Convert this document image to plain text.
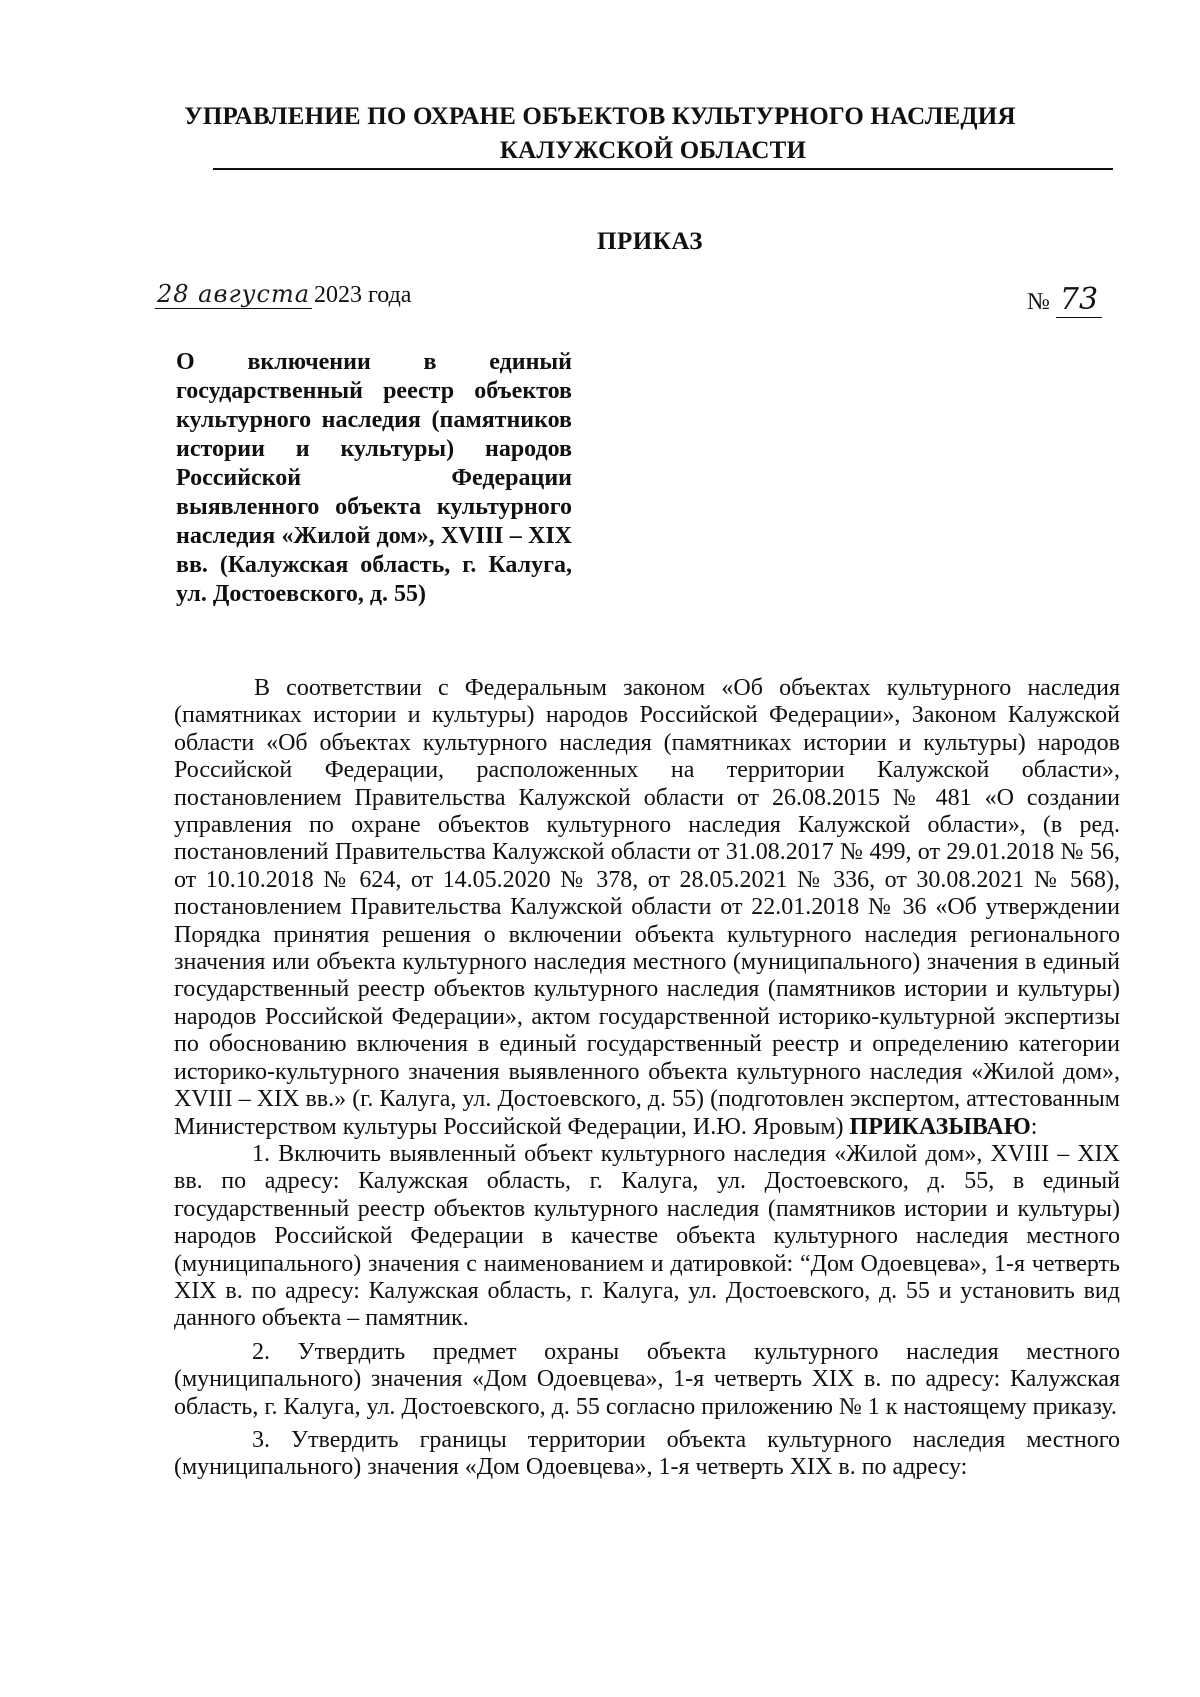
УПРАВЛЕНИЕ ПО ОХРАНЕ ОБЪЕКТОВ КУЛЬТУРНОГО НАСЛЕДИЯ
КАЛУЖСКОЙ ОБЛАСТИ
ПРИКАЗ
28 августа 2023 года	№ 73
О включении в единый государственный реестр объектов культурного наследия (памятников истории и культуры) народов Российской Федерации выявленного объекта культурного наследия «Жилой дом», XVIII – XIX вв. (Калужская область, г. Калуга, ул. Достоевского, д. 55)

В соответствии с Федеральным законом «Об объектах культурного наследия (памятниках истории и культуры) народов Российской Федерации», Законом Калужской области «Об объектах культурного наследия (памятниках истории и культуры) народов Российской Федерации, расположенных на территории Калужской области», постановлением Правительства Калужской области от 26.08.2015 № 481 «О создании управления по охране объектов культурного наследия Калужской области», (в ред. постановлений Правительства Калужской области от 31.08.2017 № 499, от 29.01.2018 № 56, от 10.10.2018 № 624, от 14.05.2020 № 378, от 28.05.2021 № 336, от 30.08.2021 № 568), постановлением Правительства Калужской области от 22.01.2018 № 36 «Об утверждении Порядка принятия решения о включении объекта культурного наследия регионального значения или объекта культурного наследия местного (муниципального) значения в единый государственный реестр объектов культурного наследия (памятников истории и культуры) народов Российской Федерации», актом государственной историко-культурной экспертизы по обоснованию включения в единый государственный реестр и определению категории историко-культурного значения выявленного объекта культурного наследия «Жилой дом», XVIII – XIX вв.» (г. Калуга, ул. Достоевского, д. 55) (подготовлен экспертом, аттестованным Министерством культуры Российской Федерации, И.Ю. Яровым) ПРИКАЗЫВАЮ:

1. Включить выявленный объект культурного наследия «Жилой дом», XVIII – XIX вв. по адресу: Калужская область, г. Калуга, ул. Достоевского, д. 55, в единый государственный реестр объектов культурного наследия (памятников истории и культуры) народов Российской Федерации в качестве объекта культурного наследия местного (муниципального) значения с наименованием и датировкой: “Дом Одоевцева», 1-я четверть XIX в. по адресу: Калужская область, г. Калуга, ул. Достоевского, д. 55 и установить вид данного объекта – памятник.

2. Утвердить предмет охраны объекта культурного наследия местного (муниципального) значения «Дом Одоевцева», 1-я четверть XIX в. по адресу: Калужская область, г. Калуга, ул. Достоевского, д. 55 согласно приложению № 1 к настоящему приказу.

3. Утвердить границы территории объекта культурного наследия местного (муниципального) значения «Дом Одоевцева», 1-я четверть XIX в. по адресу:
